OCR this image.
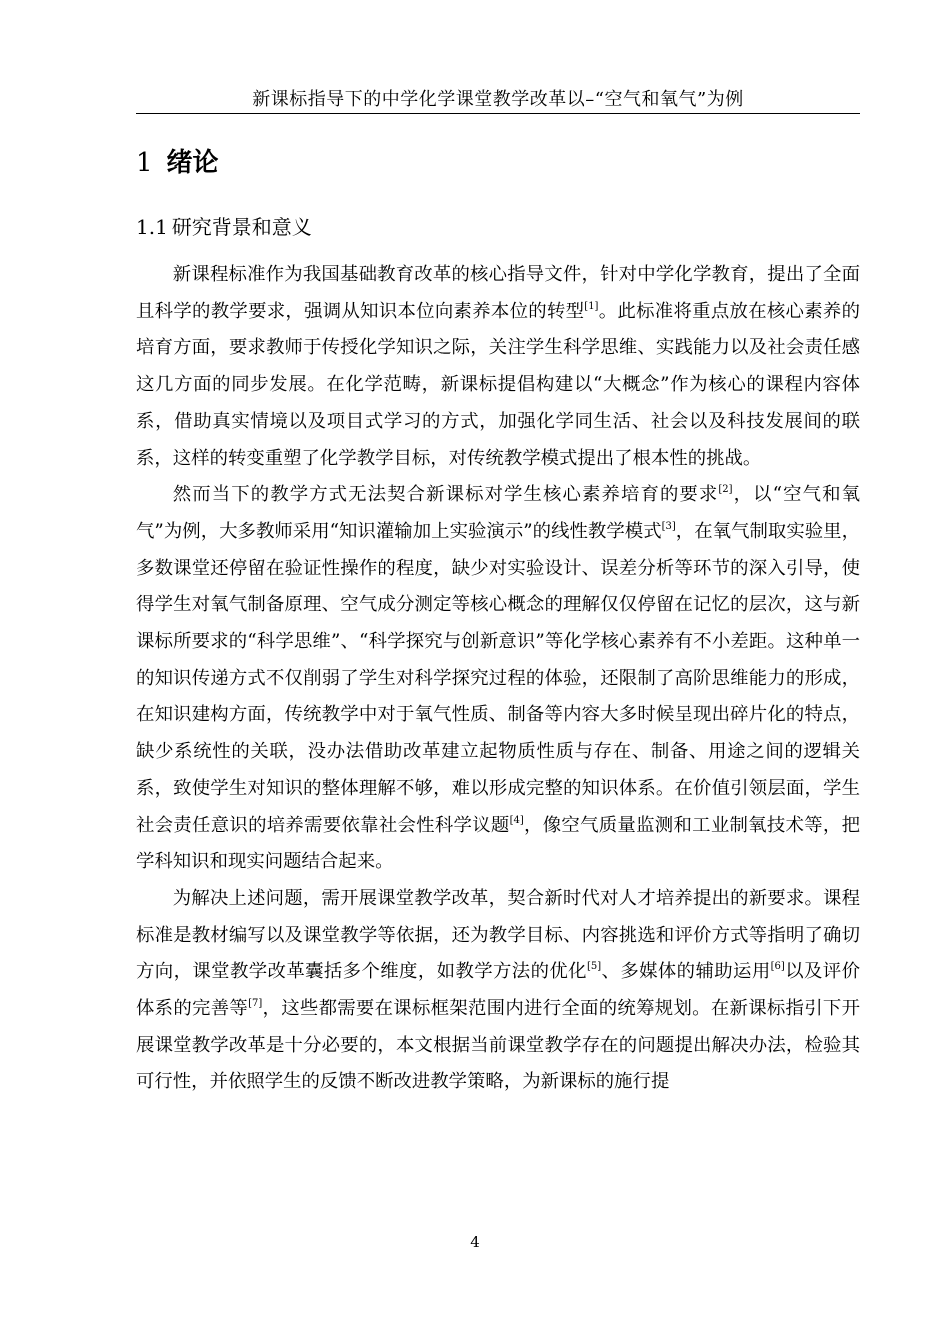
新课标指导下的中学化学课堂教学改革以–“空气和氧气”为例
1 绪论
1.1 研究背景和意义

新课程标准作为我国基础教育改革的核心指导文件，针对中学化学教育，提出了全面且科学的教学要求，强调从知识本位向素养本位的转型[1]。此标准将重点放在核心素养的培育方面，要求教师于传授化学知识之际，关注学生科学思维、实践能力以及社会责任感这几方面的同步发展。在化学范畴，新课标提倡构建以“大概念”作为核心的课程内容体系，借助真实情境以及项目式学习的方式，加强化学同生活、社会以及科技发展间的联系，这样的转变重塑了化学教学目标，对传统教学模式提出了根本性的挑战。

然而当下的教学方式无法契合新课标对学生核心素养培育的要求[2]，以“空气和氧气”为例，大多教师采用“知识灌输加上实验演示”的线性教学模式[3]，在氧气制取实验里，多数课堂还停留在验证性操作的程度，缺少对实验设计、误差分析等环节的深入引导，使得学生对氧气制备原理、空气成分测定等核心概念的理解仅仅停留在记忆的层次，这与新课标所要求的“科学思维”、“科学探究与创新意识”等化学核心素养有不小差距。这种单一的知识传递方式不仅削弱了学生对科学探究过程的体验，还限制了高阶思维能力的形成，在知识建构方面，传统教学中对于氧气性质、制备等内容大多时候呈现出碎片化的特点，缺少系统性的关联，没办法借助改革建立起物质性质与存在、制备、用途之间的逻辑关系，致使学生对知识的整体理解不够，难以形成完整的知识体系。在价值引领层面，学生社会责任意识的培养需要依靠社会性科学议题[4]，像空气质量监测和工业制氧技术等，把学科知识和现实问题结合起来。

为解决上述问题，需开展课堂教学改革，契合新时代对人才培养提出的新要求。课程标准是教材编写以及课堂教学等依据，还为教学目标、内容挑选和评价方式等指明了确切方向，课堂教学改革囊括多个维度，如教学方法的优化[5]、多媒体的辅助运用[6]以及评价体系的完善等[7]，这些都需要在课标框架范围内进行全面的统筹规划。在新课标指引下开展课堂教学改革是十分必要的，本文根据当前课堂教学存在的问题提出解决办法，检验其可行性，并依照学生的反馈不断改进教学策略，为新课标的施行提

4
